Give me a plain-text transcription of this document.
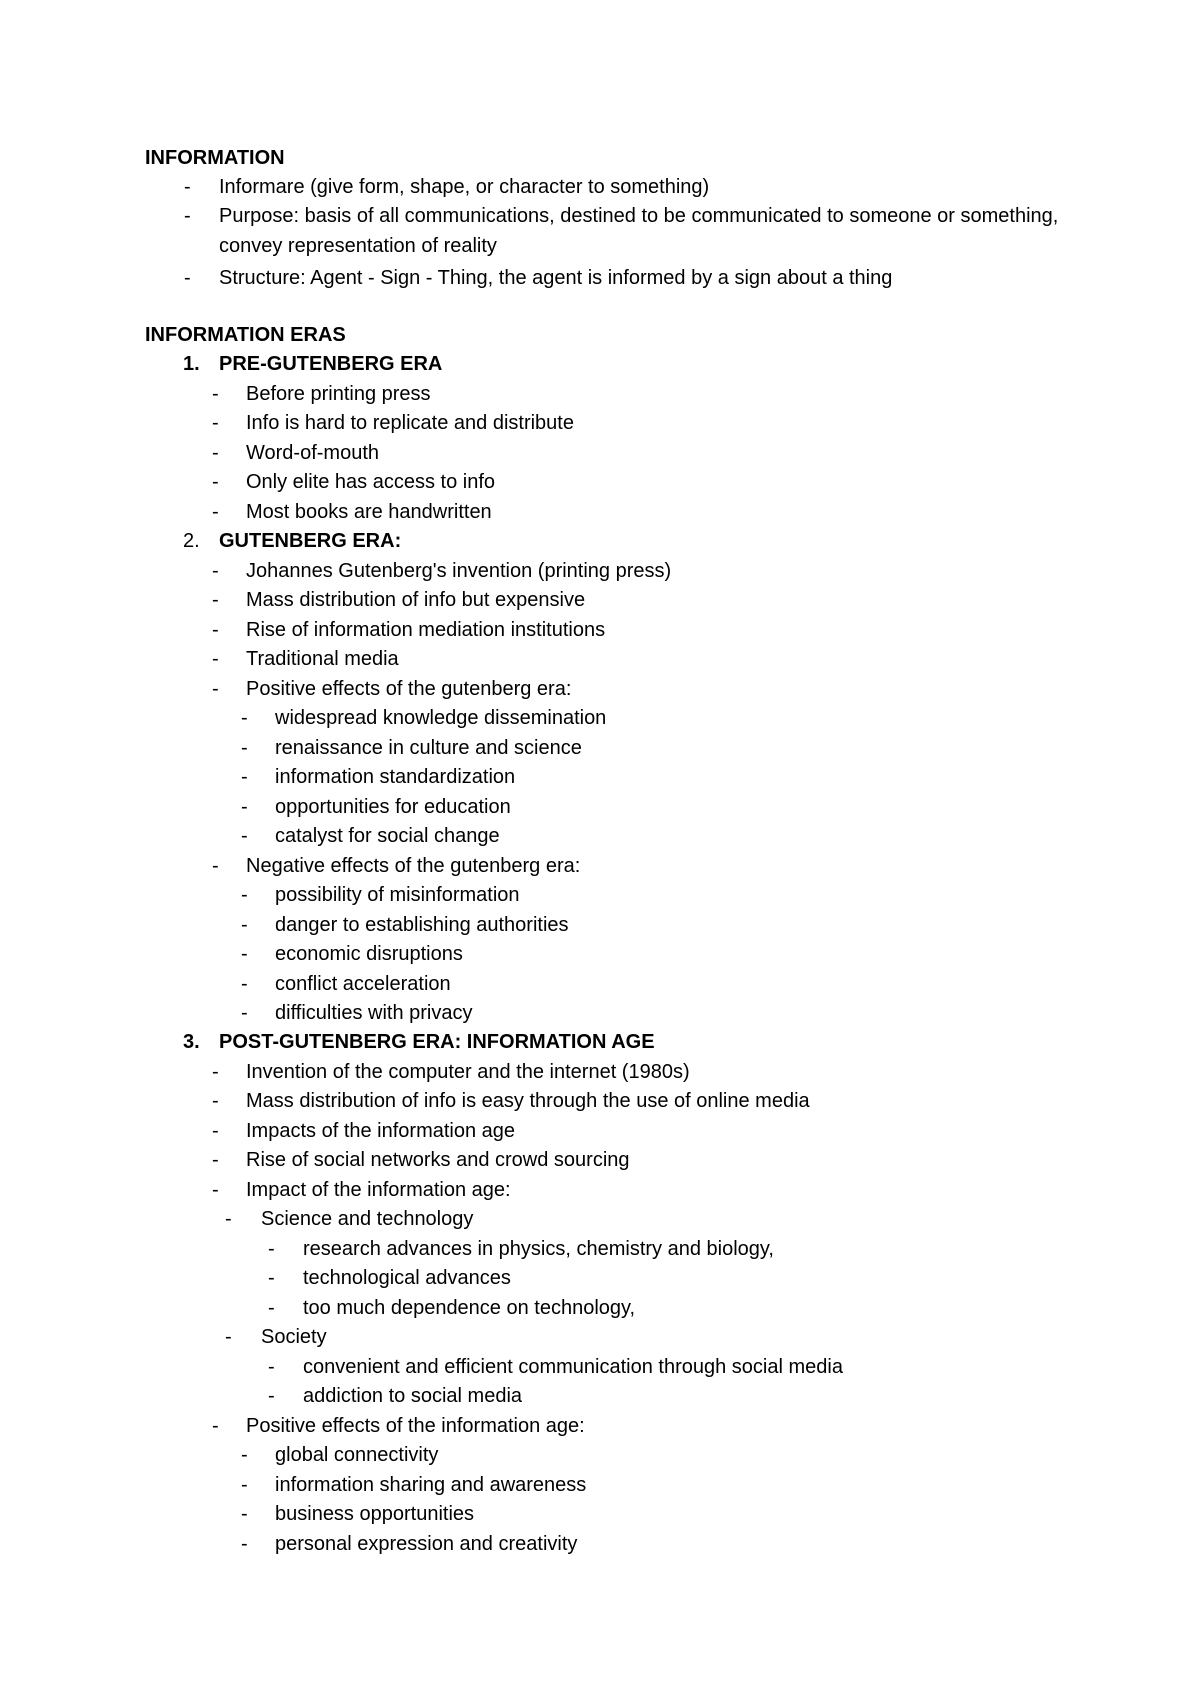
INFORMATION
- Informare (give form, shape, or character to something)
- Purpose: basis of all communications, destined to be communicated to someone or something, convey representation of reality
- Structure: Agent - Sign - Thing, the agent is informed by a sign about a thing
INFORMATION ERAS
1. PRE-GUTENBERG ERA
- Before printing press
- Info is hard to replicate and distribute
- Word-of-mouth
- Only elite has access to info
- Most books are handwritten
2. GUTENBERG ERA:
- Johannes Gutenberg's invention (printing press)
- Mass distribution of info but expensive
- Rise of information mediation institutions
- Traditional media
- Positive effects of the gutenberg era:
- widespread knowledge dissemination
- renaissance in culture and science
- information standardization
- opportunities for education
- catalyst for social change
- Negative effects of the gutenberg era:
- possibility of misinformation
- danger to establishing authorities
- economic disruptions
- conflict acceleration
- difficulties with privacy
3. POST-GUTENBERG ERA: INFORMATION AGE
- Invention of the computer and the internet (1980s)
- Mass distribution of info is easy through the use of online media
- Impacts of the information age
- Rise of social networks and crowd sourcing
- Impact of the information age:
- Science and technology
- research advances in physics, chemistry and biology,
- technological advances
- too much dependence on technology,
- Society
- convenient and efficient communication through social media
- addiction to social media
- Positive effects of the information age:
- global connectivity
- information sharing and awareness
- business opportunities
- personal expression and creativity
